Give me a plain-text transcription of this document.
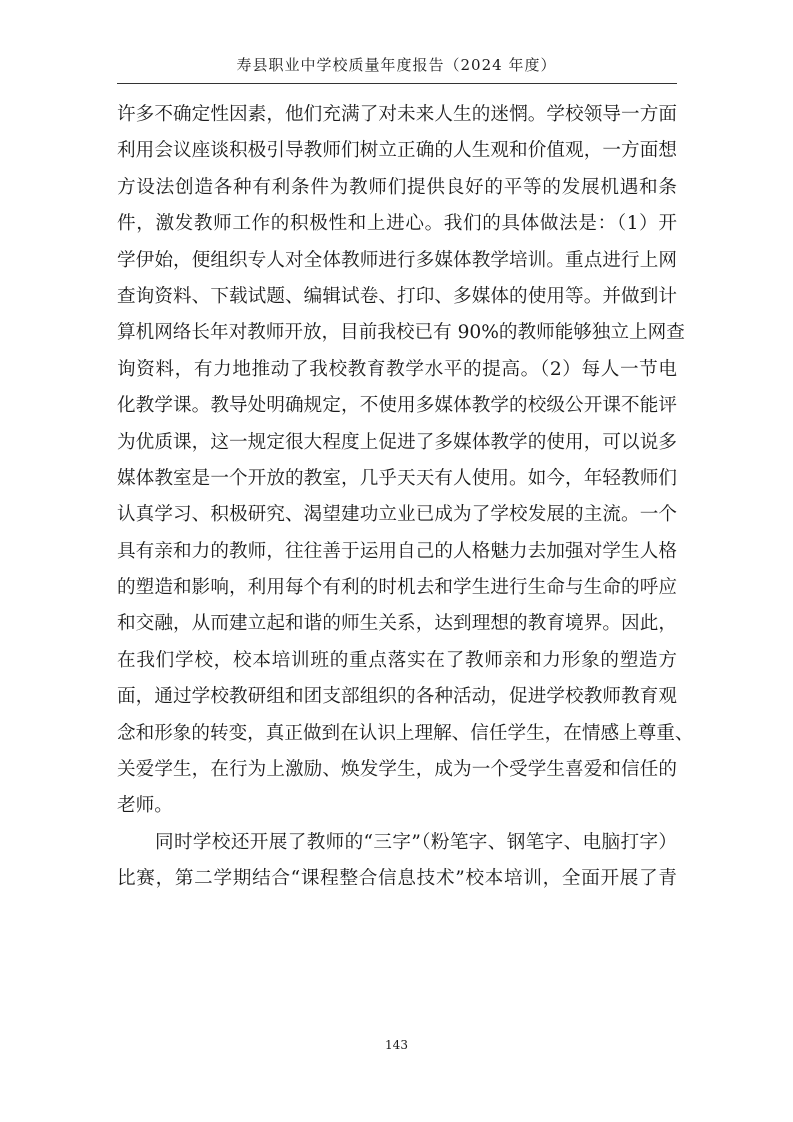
寿县职业中学校质量年度报告（2024 年度）
许多不确定性因素，他们充满了对未来人生的迷惘。学校领导一方面
利用会议座谈积极引导教师们树立正确的人生观和价值观，一方面想
方设法创造各种有利条件为教师们提供良好的平等的发展机遇和条
件，激发教师工作的积极性和上进心。我们的具体做法是：（1）开
学伊始，便组织专人对全体教师进行多媒体教学培训。重点进行上网
查询资料、下载试题、编辑试卷、打印、多媒体的使用等。并做到计
算机网络长年对教师开放，目前我校已有 90%的教师能够独立上网查
询资料，有力地推动了我校教育教学水平的提高。（2）每人一节电
化教学课。教导处明确规定，不使用多媒体教学的校级公开课不能评
为优质课，这一规定很大程度上促进了多媒体教学的使用，可以说多
媒体教室是一个开放的教室，几乎天天有人使用。如今，年轻教师们
认真学习、积极研究、渴望建功立业已成为了学校发展的主流。一个
具有亲和力的教师，往往善于运用自己的人格魅力去加强对学生人格
的塑造和影响，利用每个有利的时机去和学生进行生命与生命的呼应
和交融，从而建立起和谐的师生关系，达到理想的教育境界。因此，
在我们学校，校本培训班的重点落实在了教师亲和力形象的塑造方
面，通过学校教研组和团支部组织的各种活动，促进学校教师教育观
念和形象的转变，真正做到在认识上理解、信任学生，在情感上尊重、
关爱学生，在行为上激励、焕发学生，成为一个受学生喜爱和信任的
老师。
同时学校还开展了教师的“三字”（粉笔字、钢笔字、电脑打字）
比赛，第二学期结合“课程整合信息技术”校本培训，全面开展了青
143
